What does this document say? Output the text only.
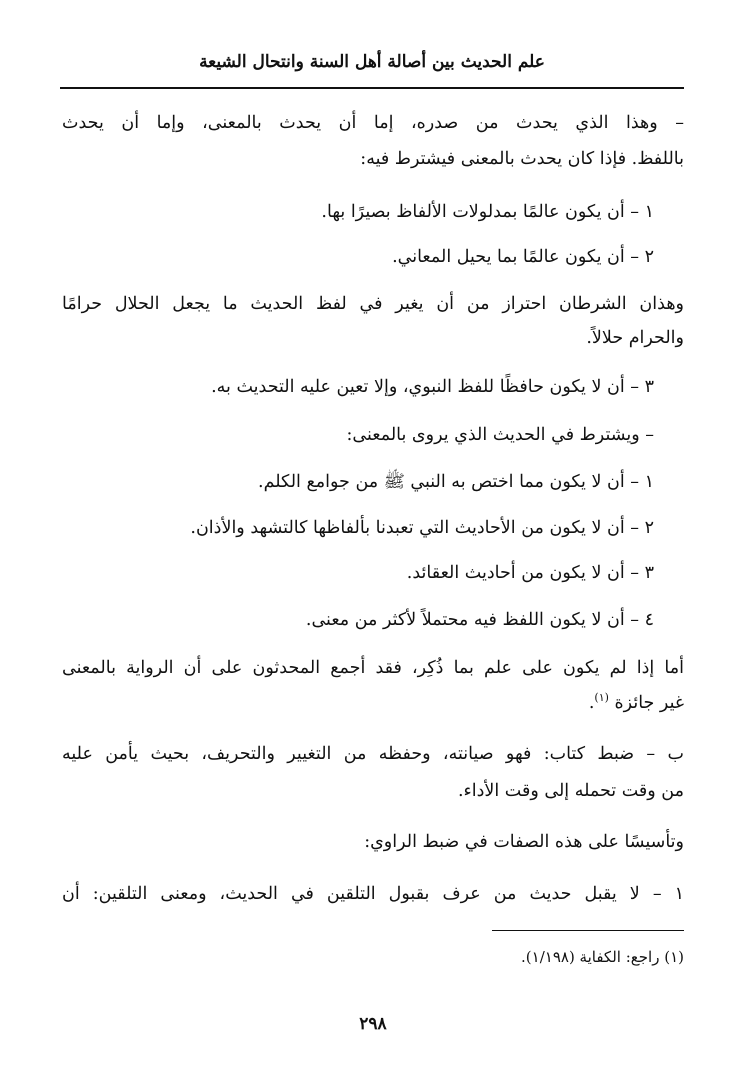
علم الحديث بين أصالة أهل السنة وانتحال الشيعة
– وهذا الذي يحدث من صدره، إما أن يحدث بالمعنى، وإما أن يحدث
باللفظ. فإذا كان يحدث بالمعنى فيشترط فيه:
١ – أن يكون عالمًا بمدلولات الألفاظ بصيرًا بها.
٢ – أن يكون عالمًا بما يحيل المعاني.
وهذان الشرطان احتراز من أن يغير في لفظ الحديث ما يجعل الحلال حرامًا
والحرام حلالاً.
٣ – أن لا يكون حافظًا للفظ النبوي، وإلا تعين عليه التحديث به.
– ويشترط في الحديث الذي يروى بالمعنى:
١ – أن لا يكون مما اختص به النبي ﷺ من جوامع الكلم.
٢ – أن لا يكون من الأحاديث التي تعبدنا بألفاظها كالتشهد والأذان.
٣ – أن لا يكون من أحاديث العقائد.
٤ – أن لا يكون اللفظ فيه محتملاً لأكثر من معنى.
أما إذا لم يكون على علم بما ذُكِر، فقد أجمع المحدثون على أن الرواية بالمعنى
غير جائزة $^{(١)}$.
ب – ضبط كتاب: فهو صيانته، وحفظه من التغيير والتحريف، بحيث يأمن عليه
من وقت تحمله إلى وقت الأداء.
وتأسيسًا على هذه الصفات في ضبط الراوي:
١ – لا يقبل حديث من عرف بقبول التلقين في الحديث، ومعنى التلقين: أن
(١) راجع: الكفاية (١/١٩٨).
٢٩٨
